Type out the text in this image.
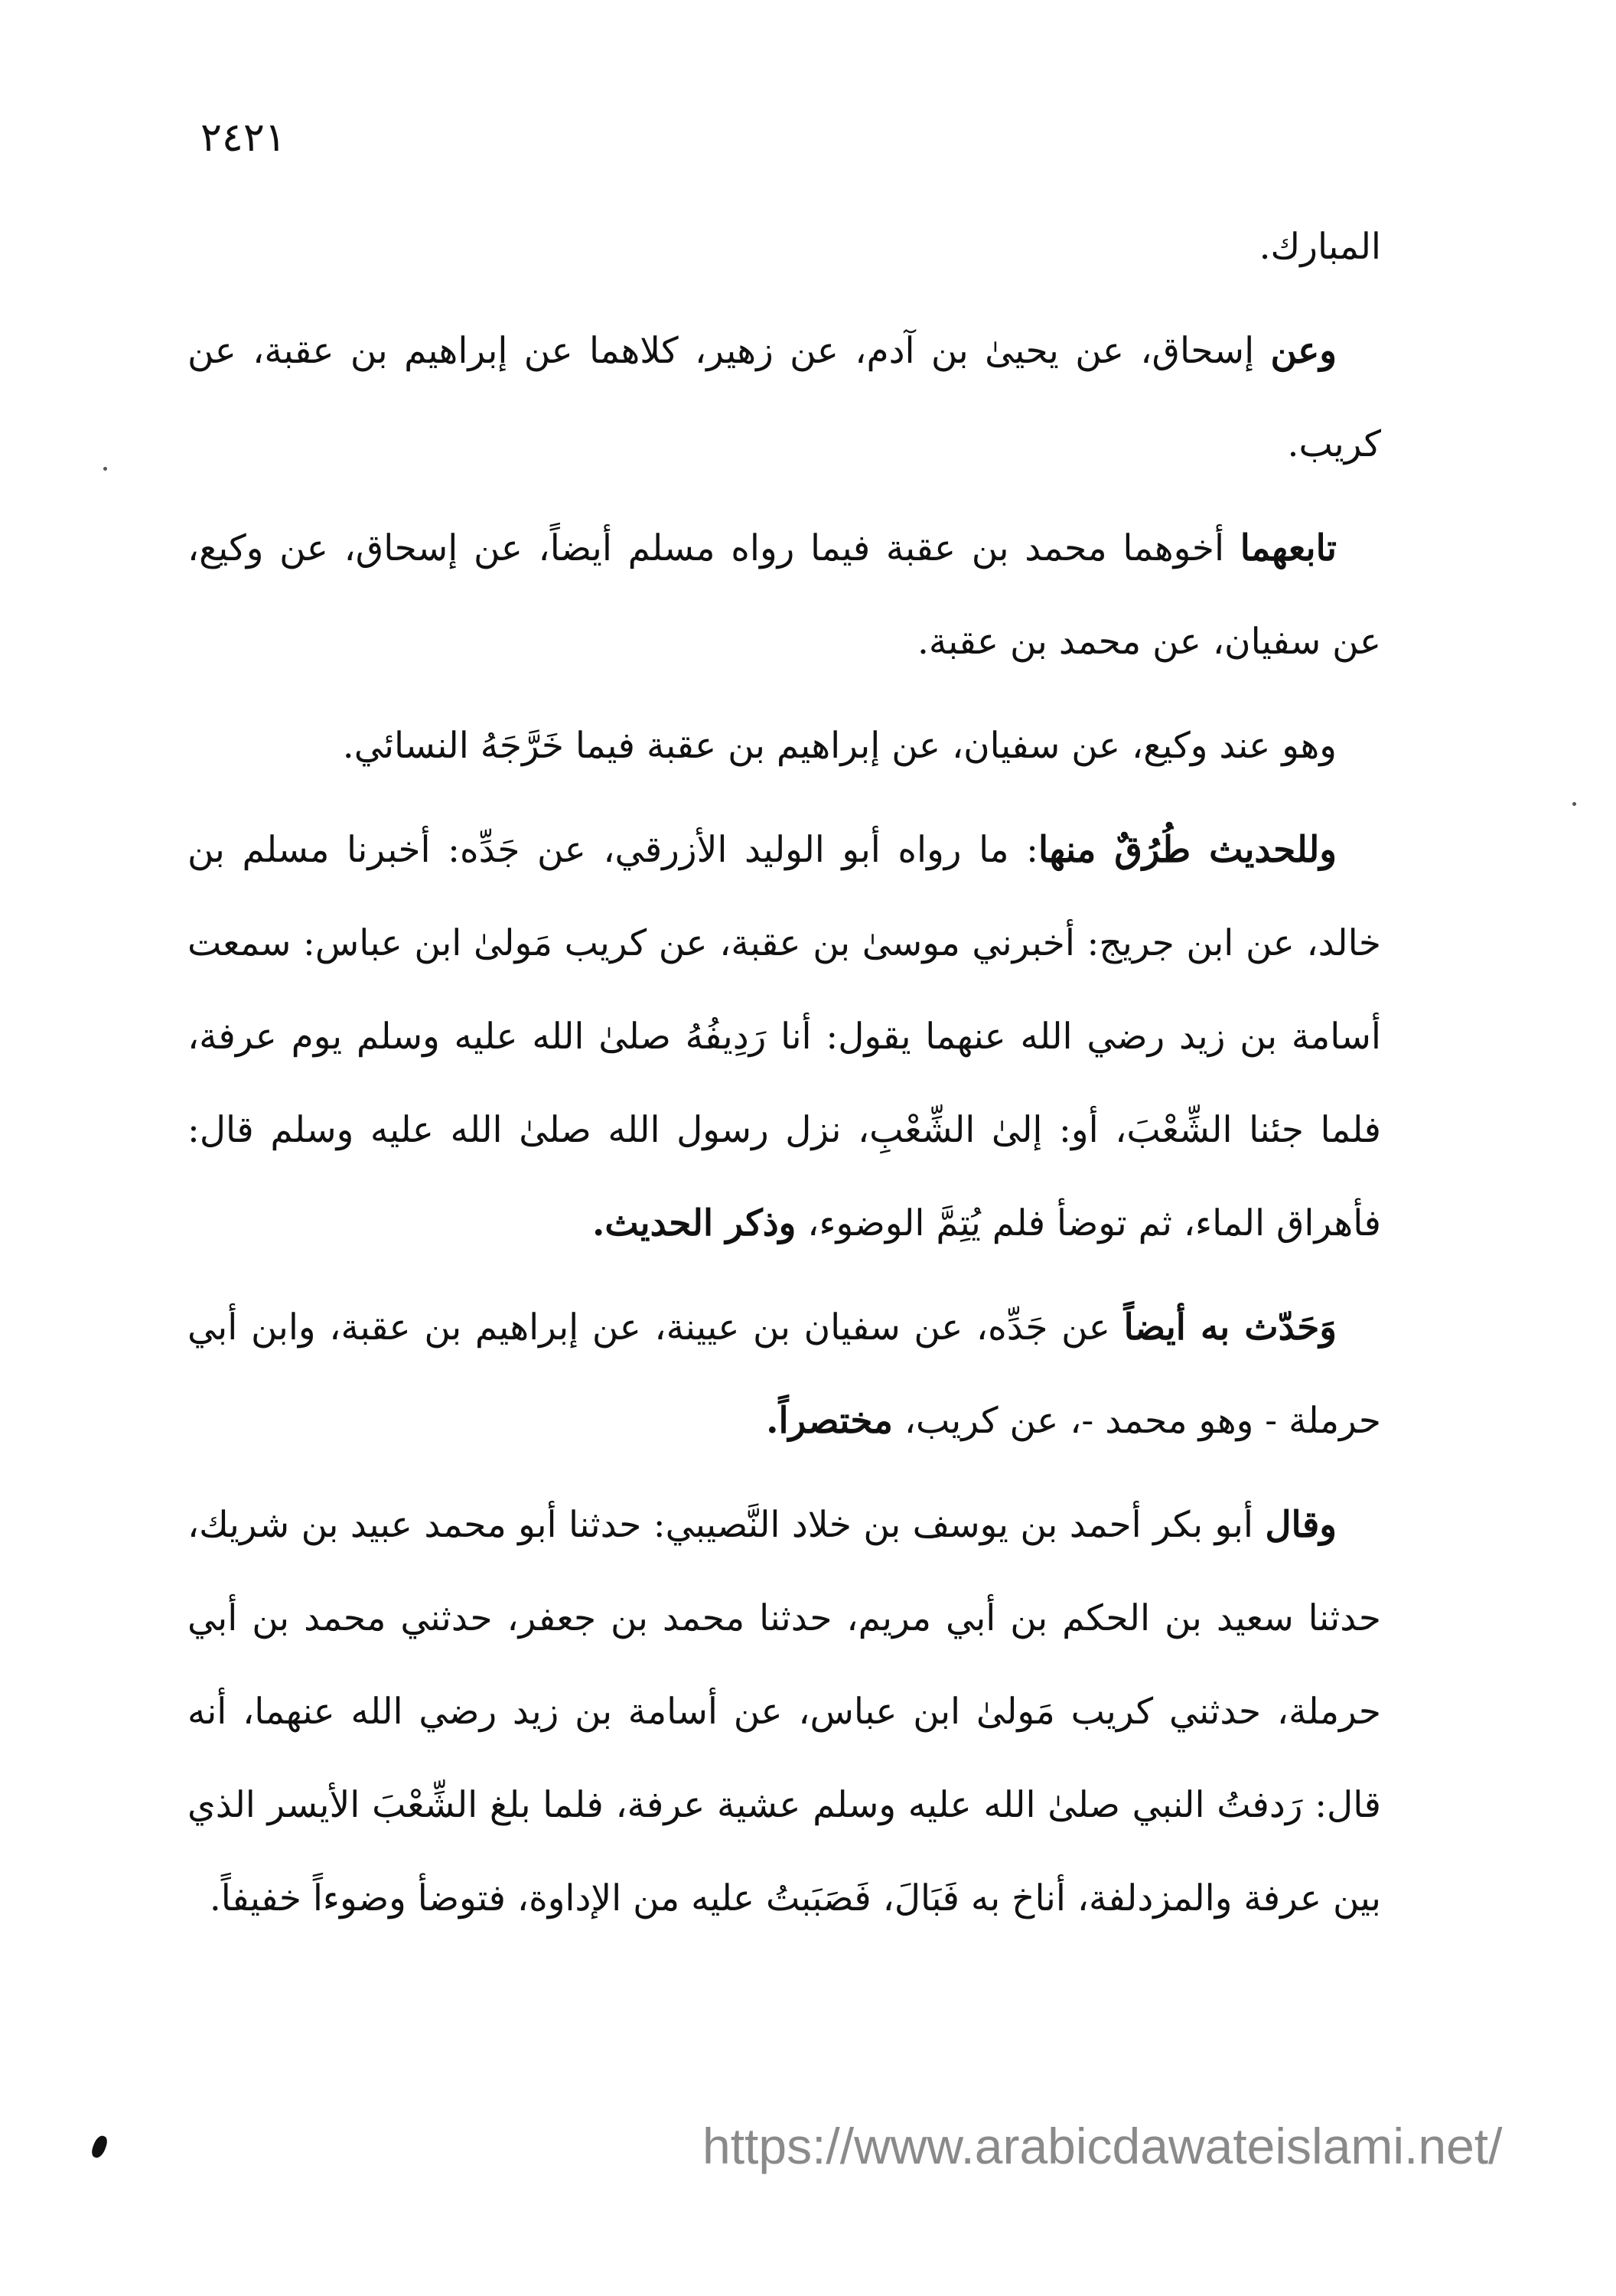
٢٤٢١

المبارك.

وعن إسحاق، عن يحيىٰ بن آدم، عن زهير، كلاهما عن إبراهيم بن عقبة، عن كريب.

تابعهما أخوهما محمد بن عقبة فيما رواه مسلم أيضاً، عن إسحاق، عن وكيع، عن سفيان، عن محمد بن عقبة.

وهو عند وكيع، عن سفيان، عن إبراهيم بن عقبة فيما خَرَّجَهُ النسائي.

وللحديث طُرُقٌ منها: ما رواه أبو الوليد الأزرقي، عن جَدِّه: أخبرنا مسلم بن خالد، عن ابن جريج: أخبرني موسىٰ بن عقبة، عن كريب مَولىٰ ابن عباس: سمعت أسامة بن زيد رضي الله عنهما يقول: أنا رَدِيفُهُ صلىٰ الله عليه وسلم يوم عرفة، فلما جئنا الشِّعْبَ، أو: إلىٰ الشِّعْبِ، نزل رسول الله صلىٰ الله عليه وسلم قال: فأهراق الماء، ثم توضأ فلم يُتِمَّ الوضوء، وذكر الحديث.

وَحَدّث به أيضاً عن جَدِّه، عن سفيان بن عيينة، عن إبراهيم بن عقبة، وابن أبي حرملة - وهو محمد -، عن كريب، مختصراً.

وقال أبو بكر أحمد بن يوسف بن خلاد النَّصيبي: حدثنا أبو محمد عبيد بن شريك، حدثنا سعيد بن الحكم بن أبي مريم، حدثنا محمد بن جعفر، حدثني محمد بن أبي حرملة، حدثني كريب مَولىٰ ابن عباس، عن أسامة بن زيد رضي الله عنهما، أنه قال: رَدفتُ النبي صلىٰ الله عليه وسلم عشية عرفة، فلما بلغ الشِّعْبَ الأيسر الذي بين عرفة والمزدلفة، أناخ به فَبَالَ، فَصَبَبتُ عليه من الإداوة، فتوضأ وضوءاً خفيفاً.

https://www.arabicdawateislami.net/
